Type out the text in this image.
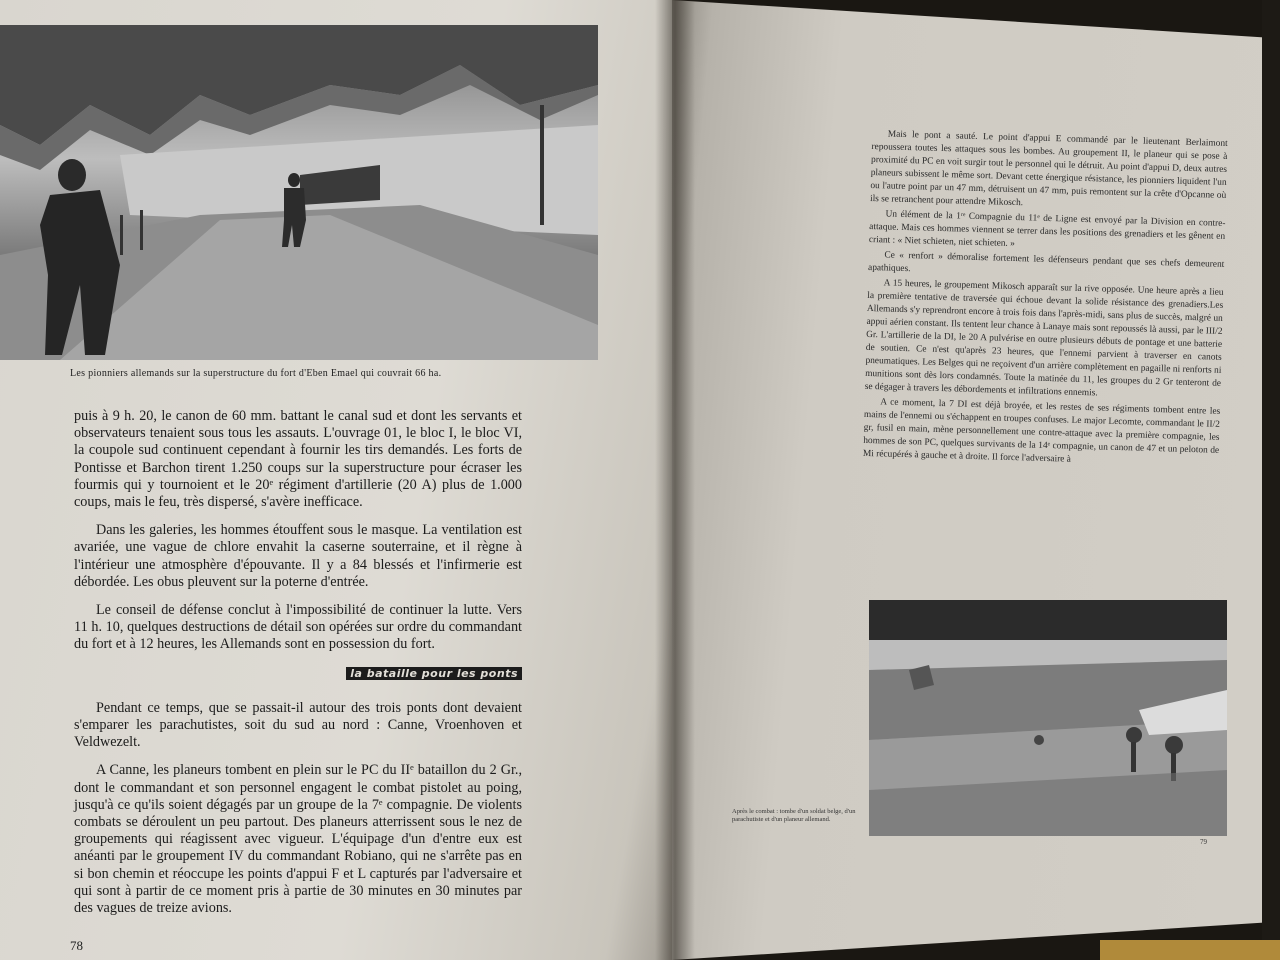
Les pionniers allemands sur la superstructure du fort d'Eben Emael qui couvrait 66 ha.

puis à 9 h. 20, le canon de 60 mm. battant le canal sud et dont les servants et observateurs tenaient sous tous les assauts. L'ouvrage 01, le bloc I, le bloc VI, la coupole sud continuent cependant à fournir les tirs demandés. Les forts de Pontisse et Barchon tirent 1.250 coups sur la superstructure pour écraser les fourmis qui y tournoient et le 20ᵉ régiment d'artillerie (20 A) plus de 1.000 coups, mais le feu, très dispersé, s'avère inefficace.

Dans les galeries, les hommes étouffent sous le masque. La ventilation est avariée, une vague de chlore envahit la caserne souterraine, et il règne à l'intérieur une atmosphère d'épouvante. Il y a 84 blessés et l'infirmerie est débordée. Les obus pleuvent sur la poterne d'entrée.

Le conseil de défense conclut à l'impossibilité de continuer la lutte. Vers 11 h. 10, quelques destructions de détail son opérées sur ordre du commandant du fort et à 12 heures, les Allemands sont en possession du fort.

la bataille pour les ponts

Pendant ce temps, que se passait-il autour des trois ponts dont devaient s'emparer les parachutistes, soit du sud au nord : Canne, Vroenhoven et Veldwezelt.

A Canne, les planeurs tombent en plein sur le PC du IIᵉ bataillon du 2 Gr., dont le commandant et son personnel engagent le combat pistolet au poing, jusqu'à ce qu'ils soient dégagés par un groupe de la 7ᵉ compagnie. De violents combats se déroulent un peu partout. Des planeurs atterrissent sous le nez de groupements qui réagissent avec vigueur. L'équipage d'un d'entre eux est anéanti par le groupement IV du commandant Robiano, qui ne s'arrête pas en si bon chemin et réoccupe les points d'appui F et L capturés par l'adversaire et qui sont à partir de ce moment pris à partie de 30 minutes en 30 minutes par des vagues de treize avions.

78

Mais le pont a sauté. Le point d'appui E commandé par le lieutenant Berlaimont repoussera toutes les attaques sous les bombes. Au groupement II, le planeur qui se pose à proximité du PC en voit surgir tout le personnel qui le détruit. Au point d'appui D, deux autres planeurs subissent le même sort. Devant cette énergique résistance, les pionniers liquident l'un ou l'autre point par un 47 mm, détruisent un 47 mm, puis remontent sur la crête d'Opcanne où ils se retranchent pour attendre Mikosch.

Un élément de la 1ʳᵉ Compagnie du 11ᵉ de Ligne est envoyé par la Division en contre-attaque. Mais ces hommes viennent se terrer dans les positions des grenadiers et les gênent en criant : « Niet schieten, niet schieten. »

Ce « renfort » démoralise fortement les défenseurs pendant que ses chefs demeurent apathiques.

A 15 heures, le groupement Mikosch apparaît sur la rive opposée. Une heure après a lieu la première tentative de traversée qui échoue devant la solide résistance des grenadiers.Les Allemands s'y reprendront encore à trois fois dans l'après-midi, sans plus de succès, malgré un appui aérien constant. Ils tentent leur chance à Lanaye mais sont repoussés là aussi, par le III/2 Gr. L'artillerie de la DI, le 20 A pulvérise en outre plusieurs débuts de pontage et une batterie de soutien. Ce n'est qu'après 23 heures, que l'ennemi parvient à traverser en canots pneumatiques. Les Belges qui ne reçoivent d'un arrière complètement en pagaille ni renforts ni munitions sont dès lors condamnés. Toute la matinée du 11, les groupes du 2 Gr tenteront de se dégager à travers les débordements et infiltrations ennemis.

A ce moment, la 7 DI est déjà broyée, et les restes de ses régiments tombent entre les mains de l'ennemi ou s'échappent en troupes confuses. Le major Lecomte, commandant le II/2 gr, fusil en main, mène personnellement une contre-attaque avec la première compagnie, les hommes de son PC, quelques survivants de la 14ᵉ compagnie, un canon de 47 et un peloton de Mi récupérés à gauche et à droite. Il force l'adversaire à

Après le combat : tombe d'un soldat belge, d'un parachutiste et d'un planeur allemand.
79
